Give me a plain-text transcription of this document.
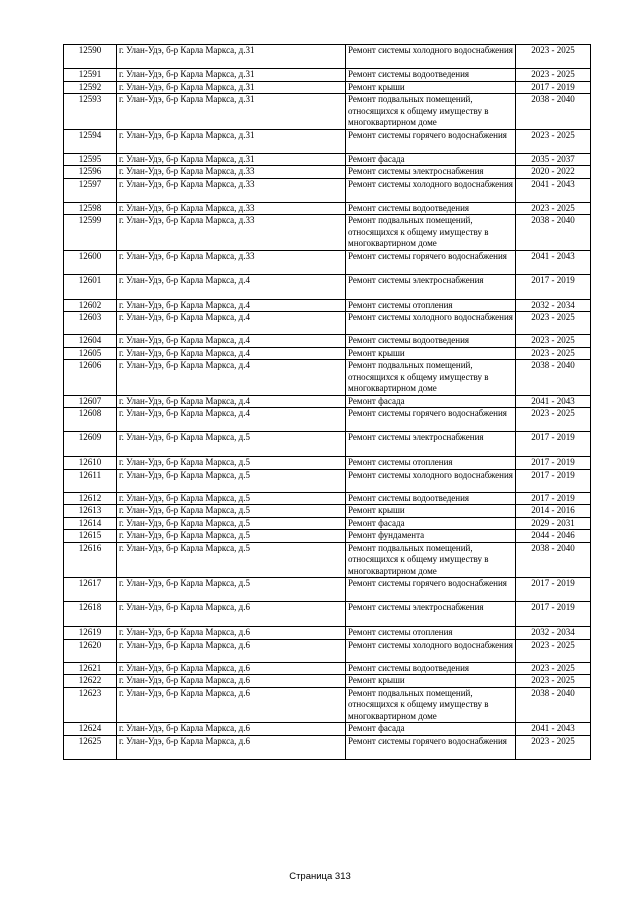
12590	г. Улан-Удэ, б-р Карла Маркса, д.31	Ремонт системы холодного водоснабжения	2023 - 2025
12591	г. Улан-Удэ, б-р Карла Маркса, д.31	Ремонт системы водоотведения	2023 - 2025
12592	г. Улан-Удэ, б-р Карла Маркса, д.31	Ремонт крыши	2017 - 2019
12593	г. Улан-Удэ, б-р Карла Маркса, д.31	Ремонт подвальных помещений, относящихся к общему имуществу в многоквартирном доме	2038 - 2040
12594	г. Улан-Удэ, б-р Карла Маркса, д.31	Ремонт системы горячего водоснабжения	2023 - 2025
12595	г. Улан-Удэ, б-р Карла Маркса, д.31	Ремонт фасада	2035 - 2037
12596	г. Улан-Удэ, б-р Карла Маркса, д.33	Ремонт системы электроснабжения	2020 - 2022
12597	г. Улан-Удэ, б-р Карла Маркса, д.33	Ремонт системы холодного водоснабжения	2041 - 2043
12598	г. Улан-Удэ, б-р Карла Маркса, д.33	Ремонт системы водоотведения	2023 - 2025
12599	г. Улан-Удэ, б-р Карла Маркса, д.33	Ремонт подвальных помещений, относящихся к общему имуществу в многоквартирном доме	2038 - 2040
12600	г. Улан-Удэ, б-р Карла Маркса, д.33	Ремонт системы горячего водоснабжения	2041 - 2043
12601	г. Улан-Удэ, б-р Карла Маркса, д.4	Ремонт системы электроснабжения	2017 - 2019
12602	г. Улан-Удэ, б-р Карла Маркса, д.4	Ремонт системы отопления	2032 - 2034
12603	г. Улан-Удэ, б-р Карла Маркса, д.4	Ремонт системы холодного водоснабжения	2023 - 2025
12604	г. Улан-Удэ, б-р Карла Маркса, д.4	Ремонт системы водоотведения	2023 - 2025
12605	г. Улан-Удэ, б-р Карла Маркса, д.4	Ремонт крыши	2023 - 2025
12606	г. Улан-Удэ, б-р Карла Маркса, д.4	Ремонт подвальных помещений, относящихся к общему имуществу в многоквартирном доме	2038 - 2040
12607	г. Улан-Удэ, б-р Карла Маркса, д.4	Ремонт фасада	2041 - 2043
12608	г. Улан-Удэ, б-р Карла Маркса, д.4	Ремонт системы горячего водоснабжения	2023 - 2025
12609	г. Улан-Удэ, б-р Карла Маркса, д.5	Ремонт системы электроснабжения	2017 - 2019
12610	г. Улан-Удэ, б-р Карла Маркса, д.5	Ремонт системы отопления	2017 - 2019
12611	г. Улан-Удэ, б-р Карла Маркса, д.5	Ремонт системы холодного водоснабжения	2017 - 2019
12612	г. Улан-Удэ, б-р Карла Маркса, д.5	Ремонт системы водоотведения	2017 - 2019
12613	г. Улан-Удэ, б-р Карла Маркса, д.5	Ремонт крыши	2014 - 2016
12614	г. Улан-Удэ, б-р Карла Маркса, д.5	Ремонт фасада	2029 - 2031
12615	г. Улан-Удэ, б-р Карла Маркса, д.5	Ремонт фундамента	2044 - 2046
12616	г. Улан-Удэ, б-р Карла Маркса, д.5	Ремонт подвальных помещений, относящихся к общему имуществу в многоквартирном доме	2038 - 2040
12617	г. Улан-Удэ, б-р Карла Маркса, д.5	Ремонт системы горячего водоснабжения	2017 - 2019
12618	г. Улан-Удэ, б-р Карла Маркса, д.6	Ремонт системы электроснабжения	2017 - 2019
12619	г. Улан-Удэ, б-р Карла Маркса, д.6	Ремонт системы отопления	2032 - 2034
12620	г. Улан-Удэ, б-р Карла Маркса, д.6	Ремонт системы холодного водоснабжения	2023 - 2025
12621	г. Улан-Удэ, б-р Карла Маркса, д.6	Ремонт системы водоотведения	2023 - 2025
12622	г. Улан-Удэ, б-р Карла Маркса, д.6	Ремонт крыши	2023 - 2025
12623	г. Улан-Удэ, б-р Карла Маркса, д.6	Ремонт подвальных помещений, относящихся к общему имуществу в многоквартирном доме	2038 - 2040
12624	г. Улан-Удэ, б-р Карла Маркса, д.6	Ремонт фасада	2041 - 2043
12625	г. Улан-Удэ, б-р Карла Маркса, д.6	Ремонт системы горячего водоснабжения	2023 - 2025
Страница 313
